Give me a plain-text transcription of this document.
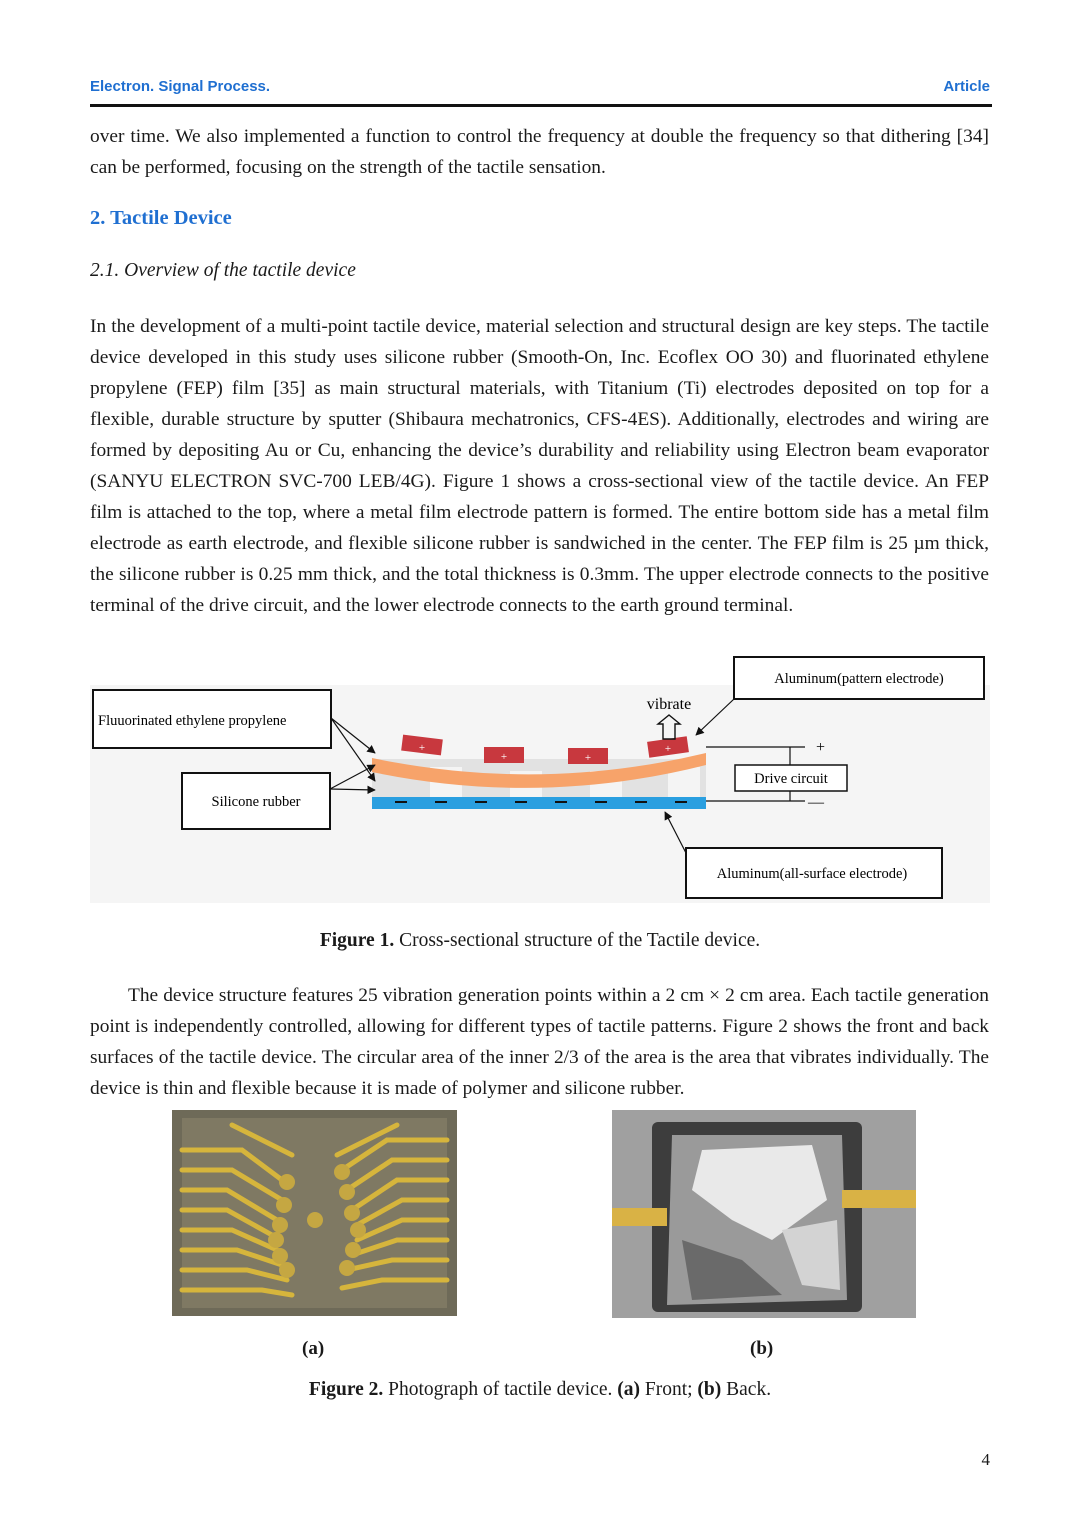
Electron. Signal Process.	Article

over time. We also implemented a function to control the frequency at double the frequency so that dithering [34] can be performed, focusing on the strength of the tactile sensation.

2. Tactile Device
2.1. Overview of the tactile device

In the development of a multi-point tactile device, material selection and structural design are key steps. The tactile device developed in this study uses silicone rubber (Smooth-On, Inc. Ecoflex OO 30) and fluorinated ethylene propylene (FEP) film [35] as main structural materials, with Titanium (Ti) electrodes deposited on top for a flexible, durable structure by sputter (Shibaura mechatronics, CFS-4ES). Additionally, electrodes and wiring are formed by depositing Au or Cu, enhancing the device’s durability and reliability using Electron beam evaporator (SANYU ELECTRON SVC-700 LEB/4G). Figure 1 shows a cross-sectional view of the tactile device. An FEP film is attached to the top, where a metal film electrode pattern is formed. The entire bottom side has a metal film electrode as earth electrode, and flexible silicone rubber is sandwiched in the center. The FEP film is 25 µm thick, the silicone rubber is 0.25 mm thick, and the total thickness is 0.3mm. The upper electrode connects to the positive terminal of the drive circuit, and the lower electrode connects to the earth ground terminal.

+
+	+
+	+
—
Drive circuit
vibrate
Fluuorinated ethylene propylene
Silicone rubber
Aluminum(pattern electrode)
Aluminum(all-surface electrode)
Figure 1. Cross-sectional structure of the Tactile device.

The device structure features 25 vibration generation points within a 2 cm × 2 cm area. Each tactile generation point is independently controlled, allowing for different types of tactile patterns. Figure 2 shows the front and back surfaces of the tactile device. The circular area of the inner 2/3 of the area is the area that vibrates individually. The device is thin and flexible because it is made of polymer and silicone rubber.

(a)	(b)
Figure 2. Photograph of tactile device. (a) Front; (b) Back.
4
